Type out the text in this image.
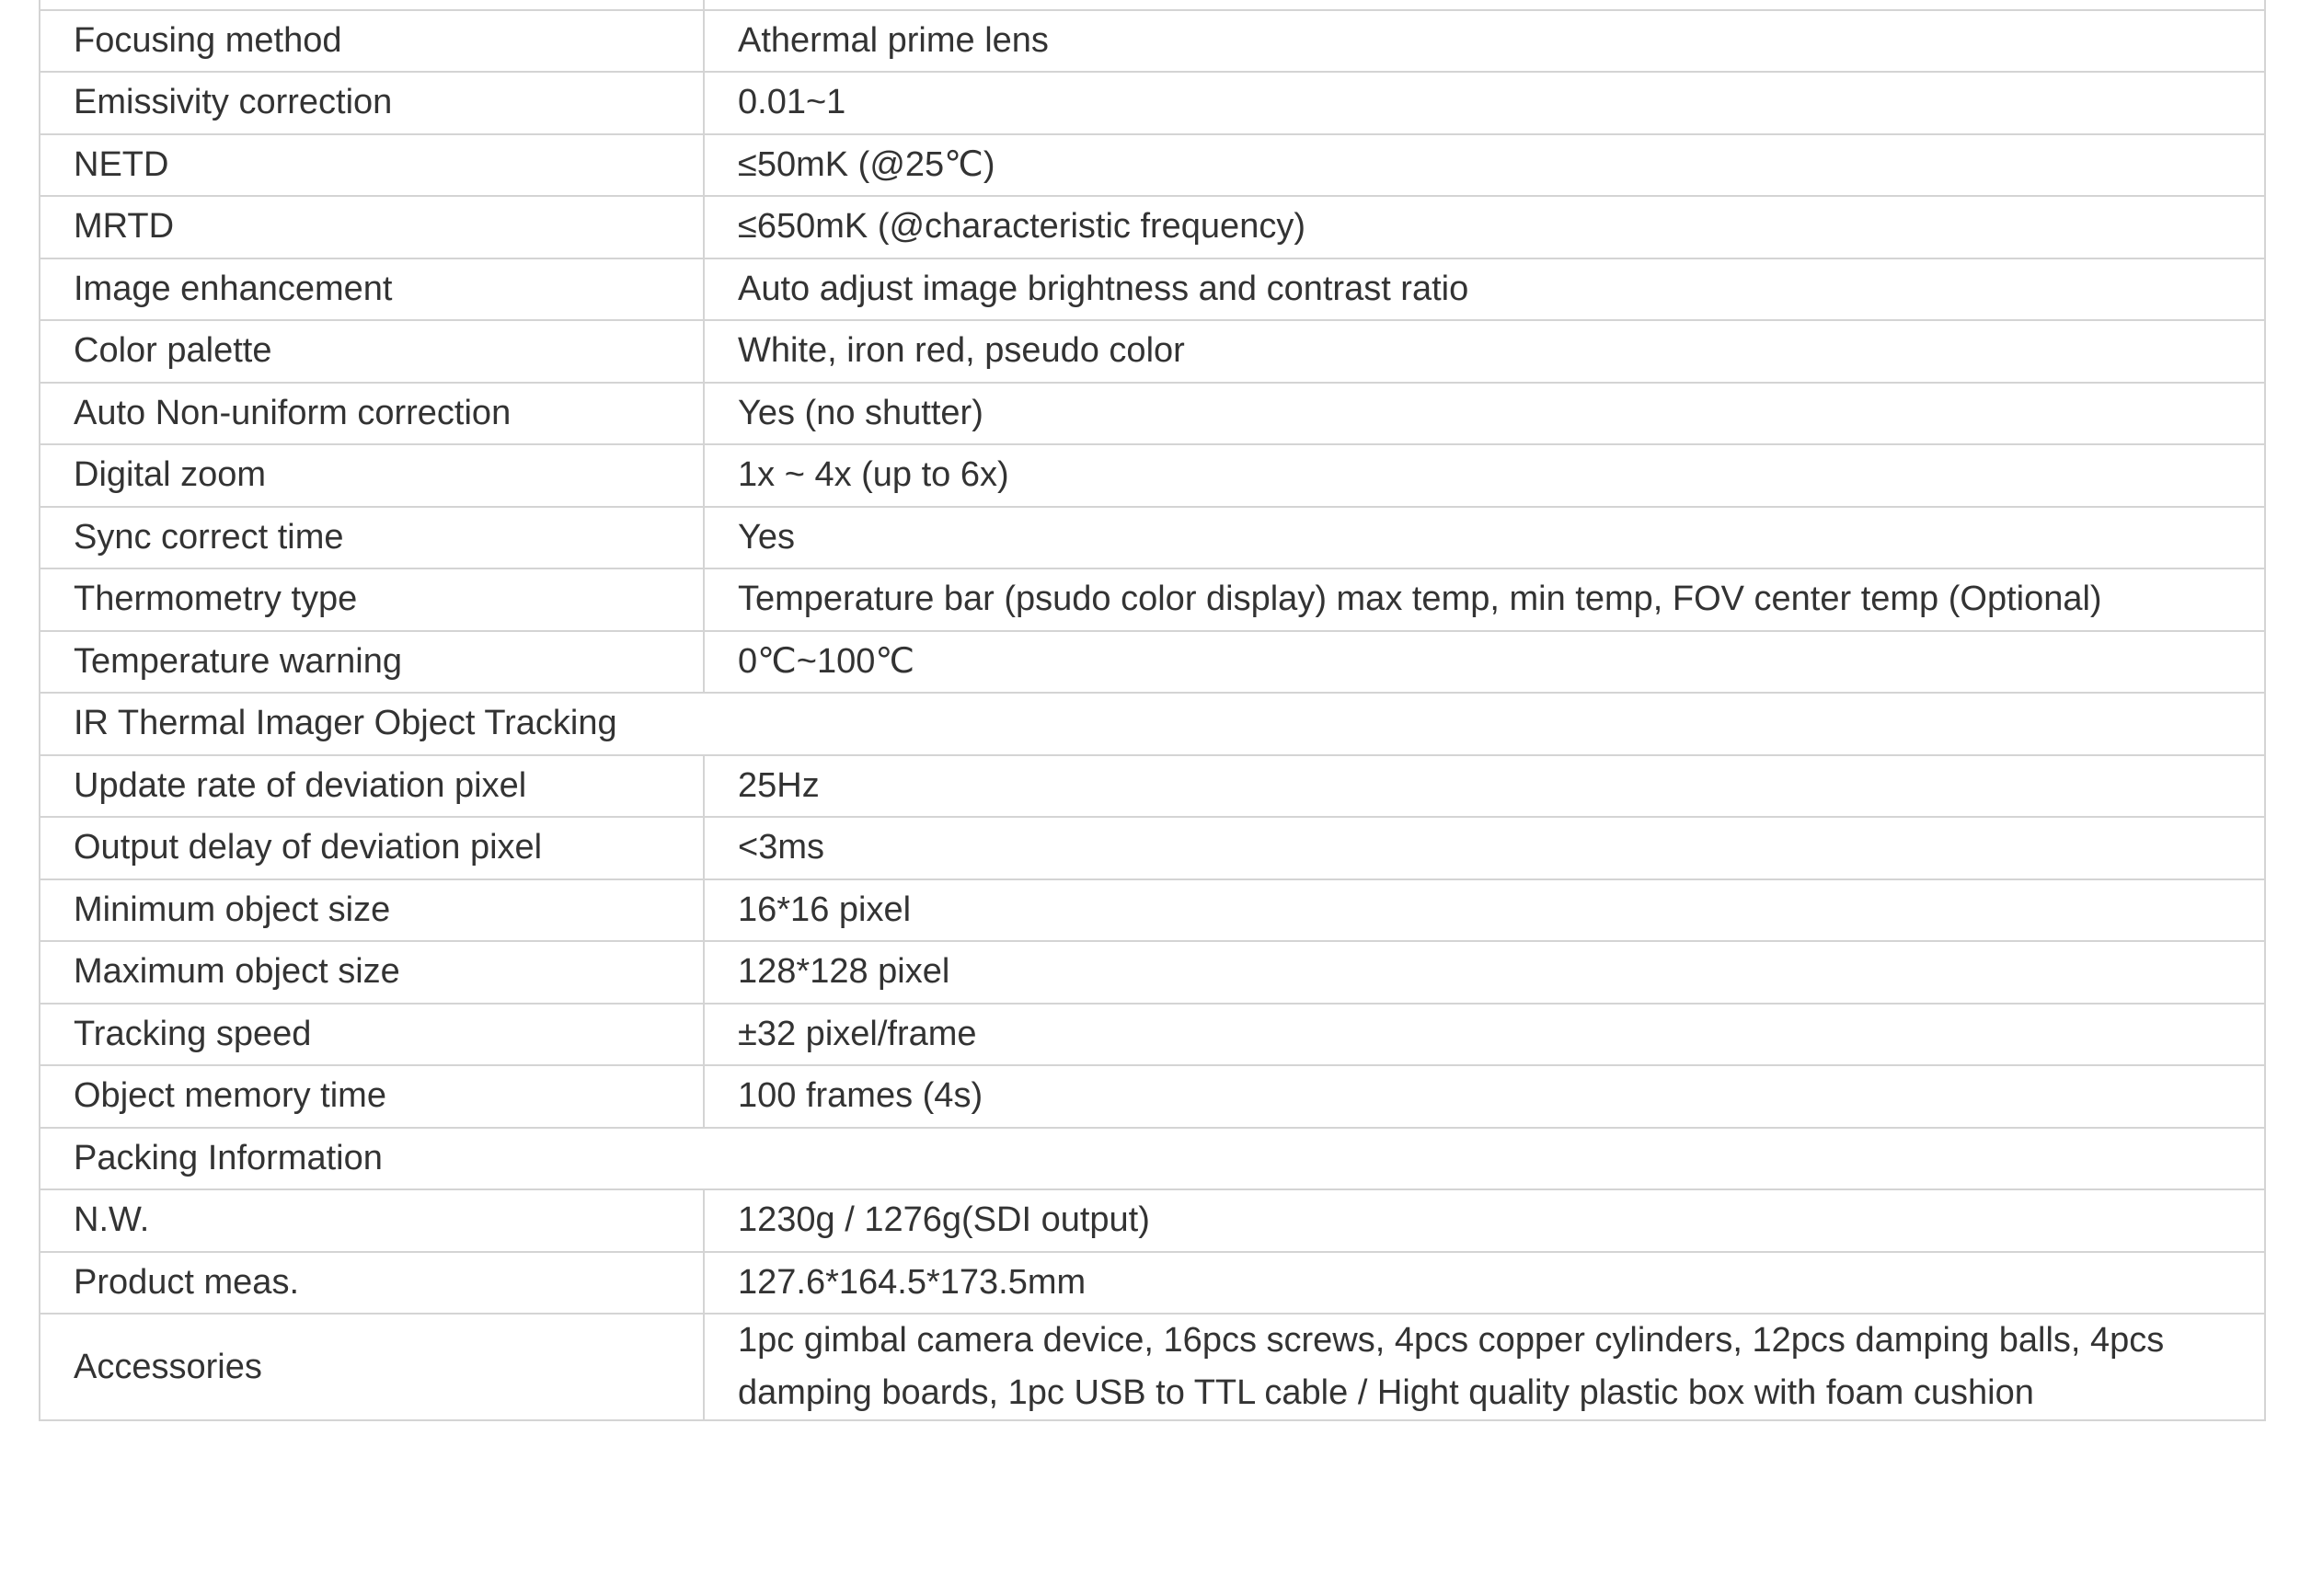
Focusing method	Athermal prime lens
Emissivity correction	0.01~1
NETD	≤50mK (@25℃)
MRTD	≤650mK (@characteristic frequency)
Image enhancement	Auto adjust image brightness and contrast ratio
Color palette	White, iron red, pseudo color
Auto Non-uniform correction	Yes (no shutter)
Digital zoom	1x ~ 4x (up to 6x)
Sync correct time	Yes
Thermometry type	Temperature bar (psudo color display) max temp, min temp, FOV center temp (Optional)
Temperature warning	0℃~100℃
IR Thermal Imager Object Tracking	
Update rate of deviation pixel	25Hz
Output delay of deviation pixel	<3ms
Minimum object size	16*16 pixel
Maximum object size	128*128 pixel
Tracking speed	±32 pixel/frame
Object memory time	100 frames (4s)
Packing Information	
N.W.	1230g / 1276g(SDI output)
Product meas.	127.6*164.5*173.5mm
Accessories	1pc gimbal camera device, 16pcs screws, 4pcs copper cylinders, 12pcs damping balls, 4pcs damping boards, 1pc USB to TTL cable / Hight quality plastic box with foam cushion
